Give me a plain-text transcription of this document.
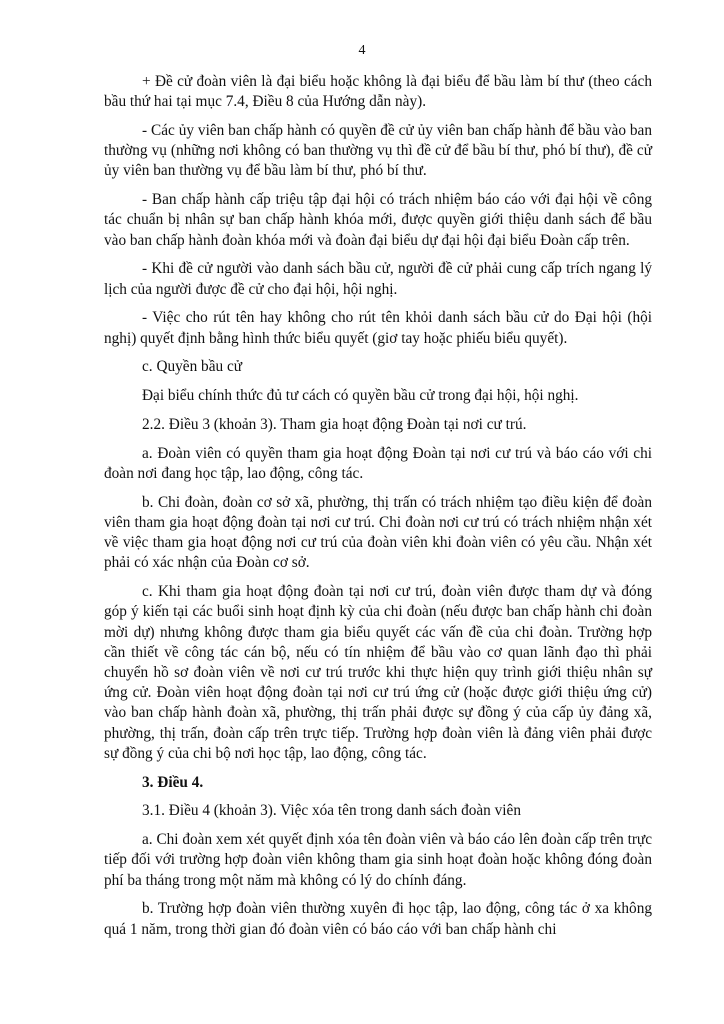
4

+ Đề cử đoàn viên là đại biểu hoặc không là đại biểu để bầu làm bí thư (theo cách bầu thứ hai tại mục 7.4, Điều 8 của Hướng dẫn này).

- Các ủy viên ban chấp hành có quyền đề cử ủy viên ban chấp hành để bầu vào ban thường vụ (những nơi không có ban thường vụ thì đề cử để bầu bí thư, phó bí thư), đề cử ủy viên ban thường vụ để bầu làm bí thư, phó bí thư.

- Ban chấp hành cấp triệu tập đại hội có trách nhiệm báo cáo với đại hội về công tác chuẩn bị nhân sự ban chấp hành khóa mới, được quyền giới thiệu danh sách để bầu vào ban chấp hành đoàn khóa mới và đoàn đại biểu dự đại hội đại biểu Đoàn cấp trên.

- Khi đề cử người vào danh sách bầu cử, người đề cử phải cung cấp trích ngang lý lịch của người được đề cử cho đại hội, hội nghị.

- Việc cho rút tên hay không cho rút tên khỏi danh sách bầu cử do Đại hội (hội nghị) quyết định bằng hình thức biểu quyết (giơ tay hoặc phiếu biểu quyết).

c. Quyền bầu cử

Đại biểu chính thức đủ tư cách có quyền bầu cử trong đại hội, hội nghị.

2.2. Điều 3 (khoản 3). Tham gia hoạt động Đoàn tại nơi cư trú.

a. Đoàn viên có quyền tham gia hoạt động Đoàn tại nơi cư trú và báo cáo với chi đoàn nơi đang học tập, lao động, công tác.

b. Chi đoàn, đoàn cơ sở xã, phường, thị trấn có trách nhiệm tạo điều kiện để đoàn viên tham gia hoạt động đoàn tại nơi cư trú. Chi đoàn nơi cư trú có trách nhiệm nhận xét về việc tham gia hoạt động nơi cư trú của đoàn viên khi đoàn viên có yêu cầu. Nhận xét phải có xác nhận của Đoàn cơ sở.

c. Khi tham gia hoạt động đoàn tại nơi cư trú, đoàn viên được tham dự và đóng góp ý kiến tại các buổi sinh hoạt định kỳ của chi đoàn (nếu được ban chấp hành chi đoàn mời dự) nhưng không được tham gia biểu quyết các vấn đề của chi đoàn. Trường hợp cần thiết về công tác cán bộ, nếu có tín nhiệm để bầu vào cơ quan lãnh đạo thì phải chuyển hồ sơ đoàn viên về nơi cư trú trước khi thực hiện quy trình giới thiệu nhân sự ứng cử. Đoàn viên hoạt động đoàn tại nơi cư trú ứng cử (hoặc được giới thiệu ứng cử) vào ban chấp hành đoàn xã, phường, thị trấn phải được sự đồng ý của cấp ủy đảng xã, phường, thị trấn, đoàn cấp trên trực tiếp. Trường hợp đoàn viên là đảng viên phải được sự đồng ý của chi bộ nơi học tập, lao động, công tác.

3. Điều 4.

3.1. Điều 4 (khoản 3). Việc xóa tên trong danh sách đoàn viên

a. Chi đoàn xem xét quyết định xóa tên đoàn viên và báo cáo lên đoàn cấp trên trực tiếp đối với trường hợp đoàn viên không tham gia sinh hoạt đoàn hoặc không đóng đoàn phí ba tháng trong một năm mà không có lý do chính đáng.

b. Trường hợp đoàn viên thường xuyên đi học tập, lao động, công tác ở xa không quá 1 năm, trong thời gian đó đoàn viên có báo cáo với ban chấp hành chi
